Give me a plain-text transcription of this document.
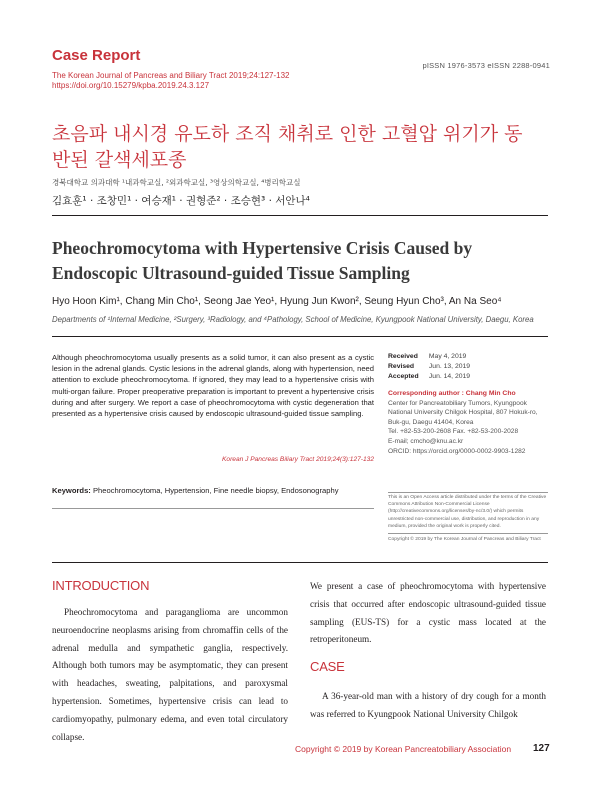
Case Report
The Korean Journal of Pancreas and Biliary Tract 2019;24:127-132
https://doi.org/10.15279/kpba.2019.24.3.127
pISSN 1976-3573 eISSN 2288-0941
초음파 내시경 유도하 조직 채취로 인한 고혈압 위기가 동반된 갈색세포종
경북대학교 의과대학 ¹내과학교실, ²외과학교실, ³영상의학교실, ⁴병리학교실
김효훈¹ · 조창민¹ · 여승재¹ · 권형준² · 조승현³ · 서안나⁴
Pheochromocytoma with Hypertensive Crisis Caused by Endoscopic Ultrasound-guided Tissue Sampling
Hyo Hoon Kim¹, Chang Min Cho¹, Seong Jae Yeo¹, Hyung Jun Kwon², Seung Hyun Cho³, An Na Seo⁴
Departments of ¹Internal Medicine, ²Surgery, ³Radiology, and ⁴Pathology, School of Medicine, Kyungpook National University, Daegu, Korea
Although pheochromocytoma usually presents as a solid tumor, it can also present as a cystic lesion in the adrenal glands. Cystic lesions in the adrenal glands, along with hypertension, need attention to exclude pheochromocytoma. If ignored, they may lead to a hypertensive crisis with multi-organ failure. Proper preoperative preparation is important to prevent a hypertensive crisis during and after surgery. We report a case of pheochromocytoma with cystic degeneration that presented as a hypertensive crisis caused by endoscopic ultrasound-guided tissue sampling.
Korean J Pancreas Biliary Tract 2019;24(3):127-132
Keywords: Pheochromocytoma, Hypertension, Fine needle biopsy, Endosonography
Received May 4, 2019
Revised Jun. 13, 2019
Accepted Jun. 14, 2019
Corresponding author : Chang Min Cho
Center for Pancreatobiliary Tumors, Kyungpook
National University Chilgok Hospital, 807 Hokuk-ro,
Buk-gu, Daegu 41404, Korea
Tel. +82-53-200-2608 Fax. +82-53-200-2028
E-mail; cmcho@knu.ac.kr
ORCID: https://orcid.org/0000-0002-9903-1282
This is an Open Access article distributed under the terms of the Creative Commons Attribution Non-Commercial License (http://creativecommons.org/licenses/by-nc/3.0/) which permits unrestricted non-commercial use, distribution, and reproduction in any medium, provided the original work is properly cited.
Copyright © 2019 by The Korean Journal of Pancreas and Biliary Tract
INTRODUCTION

Pheochromocytoma and paraganglioma are uncommon neuroendocrine neoplasms arising from chromaffin cells of the adrenal medulla and sympathetic ganglia, respectively. Although both tumors may be asymptomatic, they can present with headaches, sweating, palpitations, and paroxysmal hypertension. Sometimes, hypertensive crisis can lead to cardiomyopathy, pulmonary edema, and even total circulatory collapse.

We present a case of pheochromocytoma with hypertensive crisis that occurred after endoscopic ultrasound-guided tissue sampling (EUS-TS) for a cystic mass located at the retroperitoneum.

CASE

A 36-year-old man with a history of dry cough for a month was referred to Kyungpook National University Chilgok

Copyright © 2019 by Korean Pancreatobiliary Association 127
